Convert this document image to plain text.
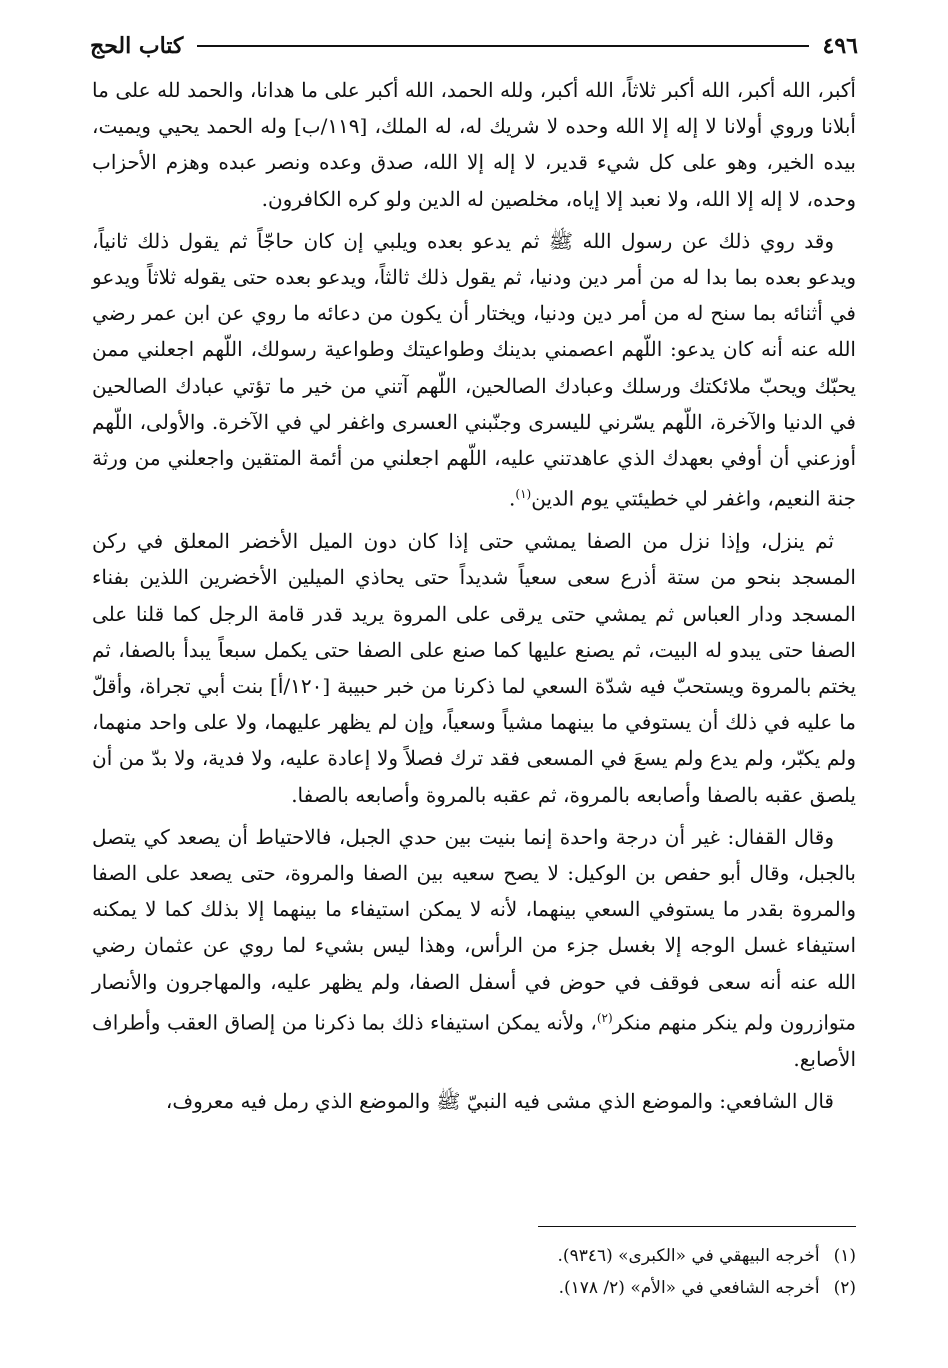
٤٩٦
كتاب الحج

أكبر، الله أكبر، الله أكبر ثلاثاً، الله أكبر، ولله الحمد، الله أكبر على ما هدانا، والحمد لله على ما أبلانا وروي أولانا لا إله إلا الله وحده لا شريك له، له الملك، [١١٩/ب] وله الحمد يحيي ويميت، بيده الخير، وهو على كل شيء قدير، لا إله إلا الله، صدق وعده ونصر عبده وهزم الأحزاب وحده، لا إله إلا الله، ولا نعبد إلا إياه، مخلصين له الدين ولو كره الكافرون.

وقد روي ذلك عن رسول الله ﷺ ثم يدعو بعده ويلبي إن كان حاجّاً ثم يقول ذلك ثانياً، ويدعو بعده بما بدا له من أمر دين ودنيا، ثم يقول ذلك ثالثاً، ويدعو بعده حتى يقوله ثلاثاً ويدعو في أثنائه بما سنح له من أمر دين ودنيا، ويختار أن يكون من دعائه ما روي عن ابن عمر رضي الله عنه أنه كان يدعو: اللّهم اعصمني بدينك وطواعيتك وطواعية رسولك، اللّهم اجعلني ممن يحبّك ويحبّ ملائكتك ورسلك وعبادك الصالحين، اللّهم آتني من خير ما تؤتي عبادك الصالحين في الدنيا والآخرة، اللّهم يسّرني لليسرى وجنّبني العسرى واغفر لي في الآخرة. والأولى، اللّهم أوزعني أن أوفي بعهدك الذي عاهدتني عليه، اللّهم اجعلني من أئمة المتقين واجعلني من ورثة جنة النعيم، واغفر لي خطيئتي يوم الدين$^{(١)}$.

ثم ينزل، وإذا نزل من الصفا يمشي حتى إذا كان دون الميل الأخضر المعلق في ركن المسجد بنحو من ستة أذرع سعى سعياً شديداً حتى يحاذي الميلين الأخضرين اللذين بفناء المسجد ودار العباس ثم يمشي حتى يرقى على المروة يريد قدر قامة الرجل كما قلنا على الصفا حتى يبدو له البيت، ثم يصنع عليها كما صنع على الصفا حتى يكمل سبعاً يبدأ بالصفا، ثم يختم بالمروة ويستحبّ فيه شدّة السعي لما ذكرنا من خبر حبيبة [١٢٠/أ] بنت أبي تجراة، وأقلّ ما عليه في ذلك أن يستوفي ما بينهما مشياً وسعياً، وإن لم يظهر عليهما، ولا على واحد منهما، ولم يكبّر، ولم يدع ولم يسعَ في المسعى فقد ترك فصلاً ولا إعادة عليه، ولا فدية، ولا بدّ من أن يلصق عقبه بالصفا وأصابعه بالمروة، ثم عقبه بالمروة وأصابعه بالصفا.

وقال القفال: غير أن درجة واحدة إنما بنيت بين حدي الجبل، فالاحتياط أن يصعد كي يتصل بالجبل، وقال أبو حفص بن الوكيل: لا يصح سعيه بين الصفا والمروة، حتى يصعد على الصفا والمروة بقدر ما يستوفي السعي بينهما، لأنه لا يمكن استيفاء ما بينهما إلا بذلك كما لا يمكنه استيفاء غسل الوجه إلا بغسل جزء من الرأس، وهذا ليس بشيء لما روي عن عثمان رضي الله عنه أنه سعى فوقف في حوض في أسفل الصفا، ولم يظهر عليه، والمهاجرون والأنصار متوازرون ولم ينكر منهم منكر$^{(٢)}$، ولأنه يمكن استيفاء ذلك بما ذكرنا من إلصاق العقب وأطراف الأصابع.

قال الشافعي: والموضع الذي مشى فيه النبيّ ﷺ والموضع الذي رمل فيه معروف،

(١)
أخرجه البيهقي في «الكبرى» (٩٣٤٦).
(٢)
أخرجه الشافعي في «الأم» (٢/ ١٧٨).
